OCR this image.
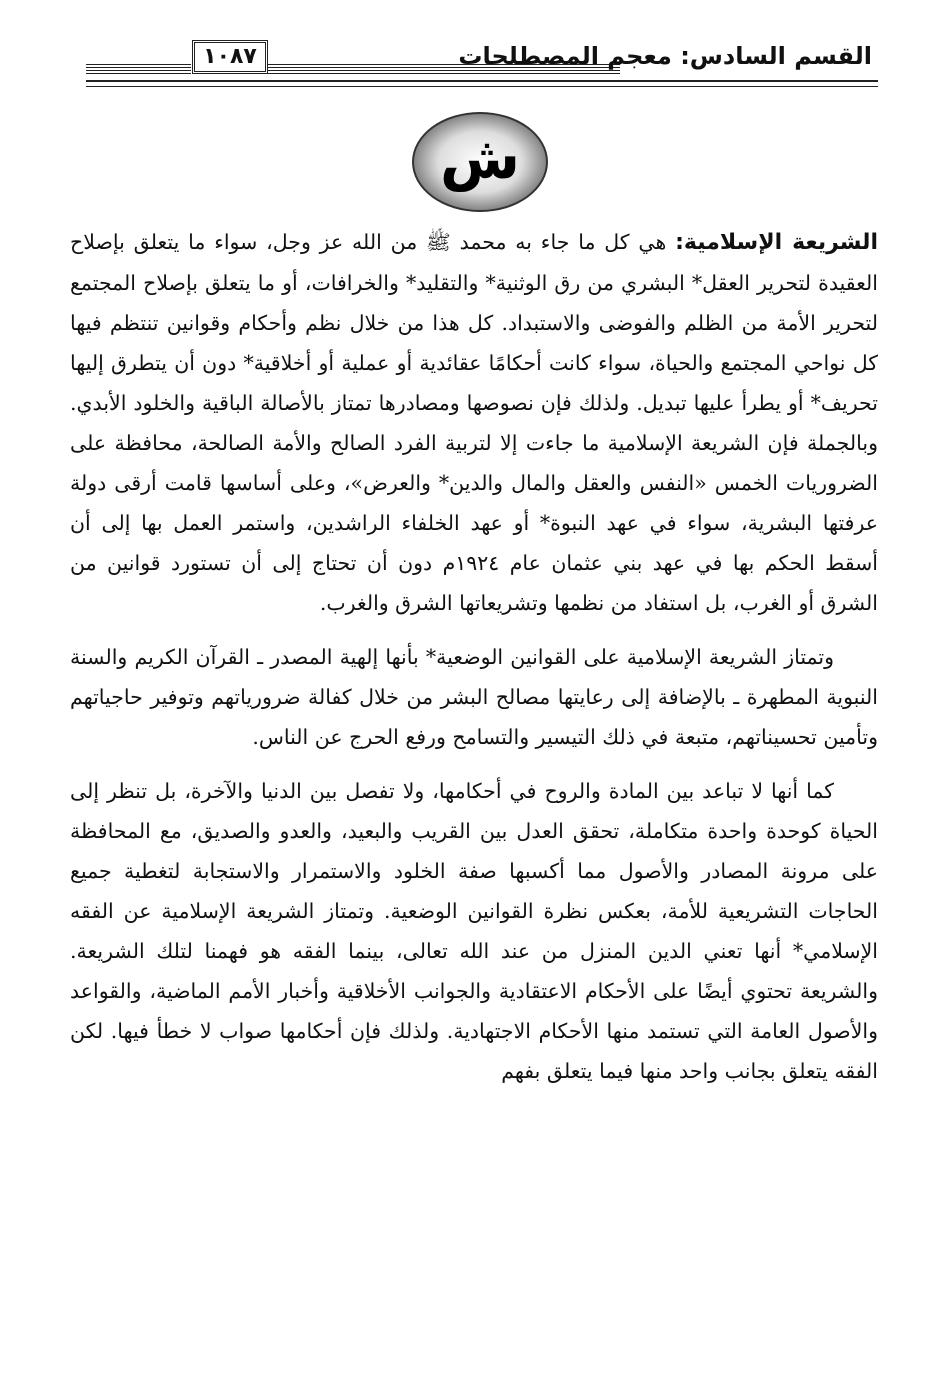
١٠٨٧	القسم السادس: معجم المصطلحات
ش

الشريعة الإسلامية: هي كل ما جاء به محمد ﷺ من الله عز وجل، سواء ما يتعلق بإصلاح العقيدة لتحرير العقل* البشري من رق الوثنية* والتقليد* والخرافات، أو ما يتعلق بإصلاح المجتمع لتحرير الأمة من الظلم والفوضى والاستبداد. كل هذا من خلال نظم وأحكام وقوانين تنتظم فيها كل نواحي المجتمع والحياة، سواء كانت أحكامًا عقائدية أو عملية أو أخلاقية* دون أن يتطرق إليها تحريف* أو يطرأ عليها تبديل. ولذلك فإن نصوصها ومصادرها تمتاز بالأصالة الباقية والخلود الأبدي. وبالجملة فإن الشريعة الإسلامية ما جاءت إلا لتربية الفرد الصالح والأمة الصالحة، محافظة على الضروريات الخمس «النفس والعقل والمال والدين* والعرض»، وعلى أساسها قامت أرقى دولة عرفتها البشرية، سواء في عهد النبوة* أو عهد الخلفاء الراشدين، واستمر العمل بها إلى أن أسقط الحكم بها في عهد بني عثمان عام ١٩٢٤م دون أن تحتاج إلى أن تستورد قوانين من الشرق أو الغرب، بل استفاد من نظمها وتشريعاتها الشرق والغرب.

وتمتاز الشريعة الإسلامية على القوانين الوضعية* بأنها إلهية المصدر ـ القرآن الكريم والسنة النبوية المطهرة ـ بالإضافة إلى رعايتها مصالح البشر من خلال كفالة ضرورياتهم وتوفير حاجياتهم وتأمين تحسيناتهم، متبعة في ذلك التيسير والتسامح ورفع الحرج عن الناس.

كما أنها لا تباعد بين المادة والروح في أحكامها، ولا تفصل بين الدنيا والآخرة، بل تنظر إلى الحياة كوحدة واحدة متكاملة، تحقق العدل بين القريب والبعيد، والعدو والصديق، مع المحافظة على مرونة المصادر والأصول مما أكسبها صفة الخلود والاستمرار والاستجابة لتغطية جميع الحاجات التشريعية للأمة، بعكس نظرة القوانين الوضعية. وتمتاز الشريعة الإسلامية عن الفقه الإسلامي* أنها تعني الدين المنزل من عند الله تعالى، بينما الفقه هو فهمنا لتلك الشريعة. والشريعة تحتوي أيضًا على الأحكام الاعتقادية والجوانب الأخلاقية وأخبار الأمم الماضية، والقواعد والأصول العامة التي تستمد منها الأحكام الاجتهادية. ولذلك فإن أحكامها صواب لا خطأ فيها. لكن الفقه يتعلق بجانب واحد منها فيما يتعلق بفهم
